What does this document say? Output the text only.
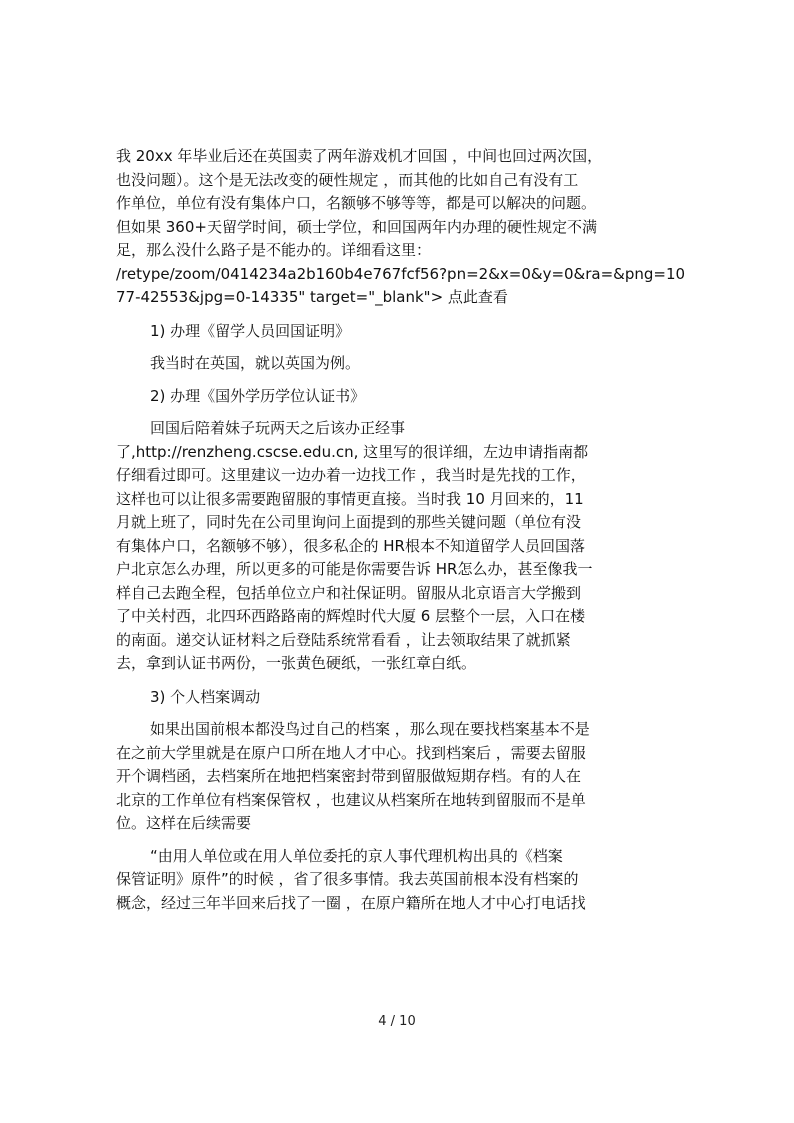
我 20xx 年毕业后还在英国卖了两年游戏机才回国 ，中间也回过两次国，
也没问题）。这个是无法改变的硬性规定 ，而其他的比如自己有没有工
作单位，单位有没有集体户口，名额够不够等等，都是可以解决的问题。
但如果 360+天留学时间，硕士学位，和回国两年内办理的硬性规定不满
足，那么没什么路子是不能办的。详细看这里：
/retype/zoom/0414234a2b160b4e767fcf56?pn=2&x=0&y=0&ra=&png=10
77-42553&jpg=0-14335" target="_blank"> 点此查看
1) 办理《留学人员回国证明》
我当时在英国，就以英国为例。
2) 办理《国外学历学位认证书》
回国后陪着妹子玩两天之后该办正经事
了,http://renzheng.cscse.edu.cn, 这里写的很详细，左边申请指南都
仔细看过即可。这里建议一边办着一边找工作 ，我当时是先找的工作，
这样也可以让很多需要跑留服的事情更直接。当时我 10 月回来的，11
月就上班了，同时先在公司里询问上面提到的那些关键问题（单位有没
有集体户口，名额够不够），很多私企的 HR根本不知道留学人员回国落
户北京怎么办理，所以更多的可能是你需要告诉 HR怎么办，甚至像我一
样自己去跑全程，包括单位立户和社保证明。留服从北京语言大学搬到
了中关村西，北四环西路路南的辉煌时代大厦 6 层整个一层，入口在楼
的南面。递交认证材料之后登陆系统常看看 ，让去领取结果了就抓紧
去，拿到认证书两份，一张黄色硬纸，一张红章白纸。
3) 个人档案调动
如果出国前根本都没鸟过自己的档案 ，那么现在要找档案基本不是
在之前大学里就是在原户口所在地人才中心。找到档案后 ，需要去留服
开个调档函，去档案所在地把档案密封带到留服做短期存档。有的人在
北京的工作单位有档案保管权 ，也建议从档案所在地转到留服而不是单
位。这样在后续需要
“由用人单位或在用人单位委托的京人事代理机构出具的《档案
保管证明》原件”的时候 ，省了很多事情。我去英国前根本没有档案的
概念，经过三年半回来后找了一圈 ，在原户籍所在地人才中心打电话找
4 / 10
